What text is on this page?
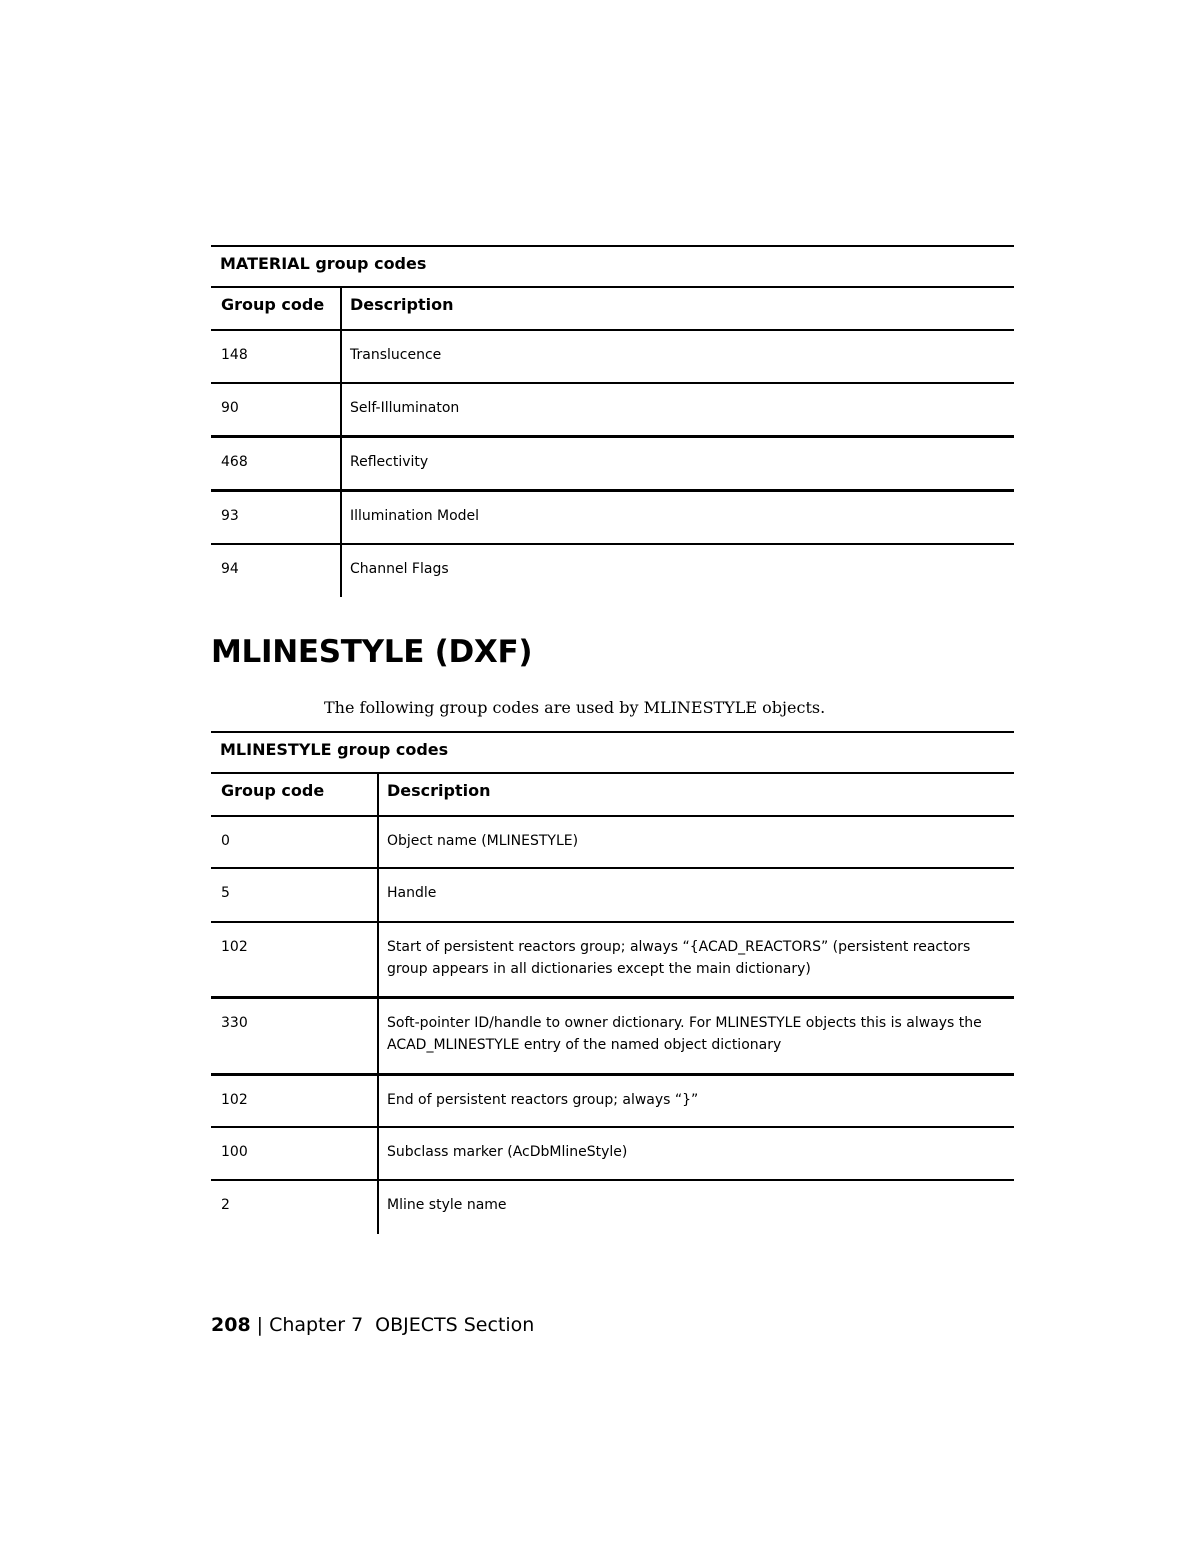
MATERIAL group codes
Group code	Description
148	Translucence
90	Self-Illuminaton
468	Reflectivity
93	Illumination Model
94	Channel Flags
MLINESTYLE (DXF)

The following group codes are used by MLINESTYLE objects.

MLINESTYLE group codes
Group code	Description
0	Object name (MLINESTYLE)
5	Handle
102	Start of persistent reactors group; always “{ACAD_REACTORS” (persistent reactors group appears in all dictionaries except the main dictionary)
330	Soft-pointer ID/handle to owner dictionary. For MLINESTYLE objects this is always the ACAD_MLINESTYLE entry of the named object dictionary
102	End of persistent reactors group; always “}”
100	Subclass marker (AcDbMlineStyle)
2	Mline style name
208 | Chapter 7 OBJECTS Section
